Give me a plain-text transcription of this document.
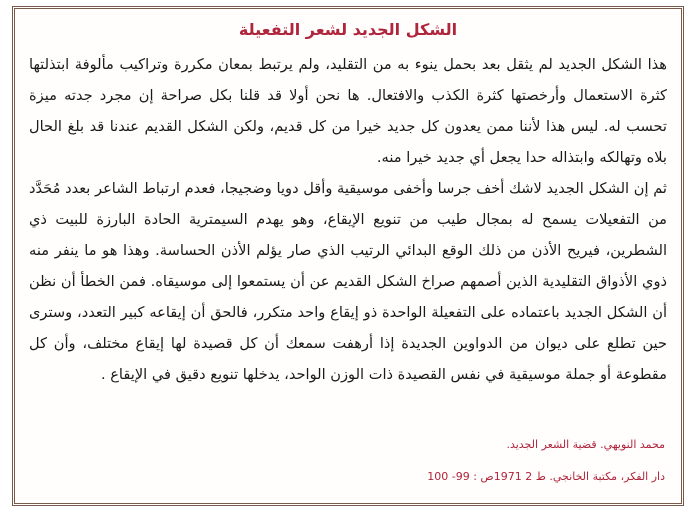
الشكل الجديد لشعر التفعيلة

هذا الشكل الجديد لم يثقل بعد بحمل ينوء به من التقليد، ولم يرتبط بمعان مكررة وتراكيب مألوفة ابتذلتها كثرة الاستعمال وأرخصتها كثرة الكذب والافتعال. ها نحن أولا قد قلنا بكل صراحة إن مجرد جدته ميزة تحسب له. ليس هذا لأننا ممن يعدون كل جديد خيرا من كل قديم، ولكن الشكل القديم عندنا قد بلغ الحال بلاه وتهالكه وابتذاله حدا يجعل أي جديد خيرا منه.

ثم إن الشكل الجديد لاشك أخف جرسا وأخفى موسيقية وأقل دويا وضجيجا، فعدم ارتباط الشاعر بعدد مُحَدَّد من التفعيلات يسمح له بمجال طيب من تنويع الإيقاع، وهو يهدم السيمترية الحادة البارزة للبيت ذي الشطرين، فيريح الأذن من ذلك الوقع البدائي الرتيب الذي صار يؤلم الأذن الحساسة. وهذا هو ما ينفر منه ذوي الأذواق التقليدية الذين أصمهم صراخ الشكل القديم عن أن يستمعوا إلى موسيقاه. فمن الخطأ أن نظن أن الشكل الجديد باعتماده على التفعيلة الواحدة ذو إيقاع واحد متكرر، فالحق أن إيقاعه كبير التعدد، وسترى حين تطلع على ديوان من الدواوين الجديدة إذا أرهفت سمعك أن كل قصيدة لها إيقاع مختلف، وأن كل مقطوعة أو جملة موسيقية في نفس القصيدة ذات الوزن الواحد، يدخلها تنويع دقيق في الإيقاع .

محمد النويهي. قضية الشعر الجديد.
دار الفكر، مكتبة الخانجي. ط 2 1971ص : 99- 100
